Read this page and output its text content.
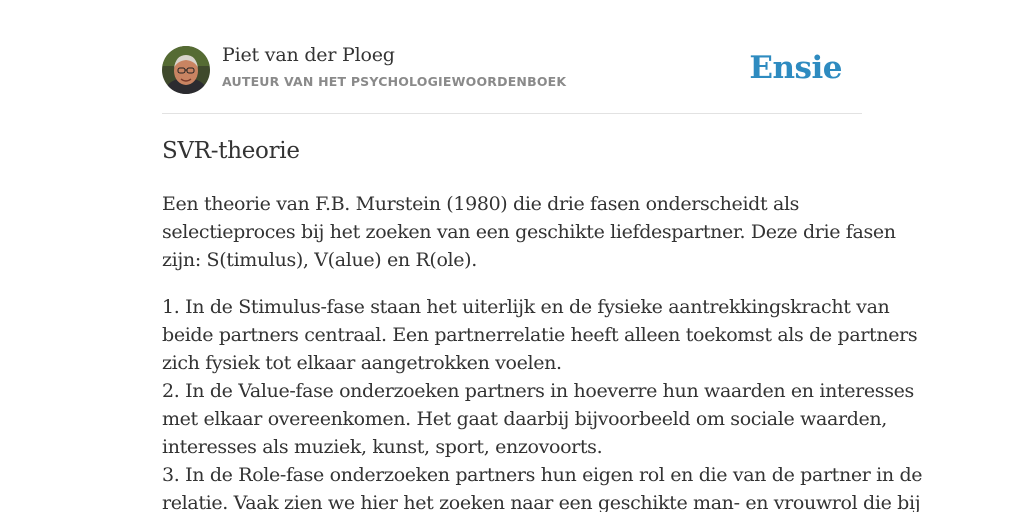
Piet van der Ploeg
AUTEUR VAN HET PSYCHOLOGIEWOORDENBOEK	Ensie
SVR-theorie

Een theorie van F.B. Murstein (1980) die drie fasen onderscheidt als
selectieproces bij het zoeken van een geschikte liefdespartner. Deze drie fasen
zijn: S(timulus), V(alue) en R(ole).

1. In de Stimulus-fase staan het uiterlijk en de fysieke aantrekkingskracht van
beide partners centraal. Een partnerrelatie heeft alleen toekomst als de partners
zich fysiek tot elkaar aangetrokken voelen.
2. In de Value-fase onderzoeken partners in hoeverre hun waarden en interesses
met elkaar overeenkomen. Het gaat daarbij bijvoorbeeld om sociale waarden,
interesses als muziek, kunst, sport, enzovoorts.
3. In de Role-fase onderzoeken partners hun eigen rol en die van de partner in de
relatie. Vaak zien we hier het zoeken naar een geschikte man- en vrouwrol die bij
